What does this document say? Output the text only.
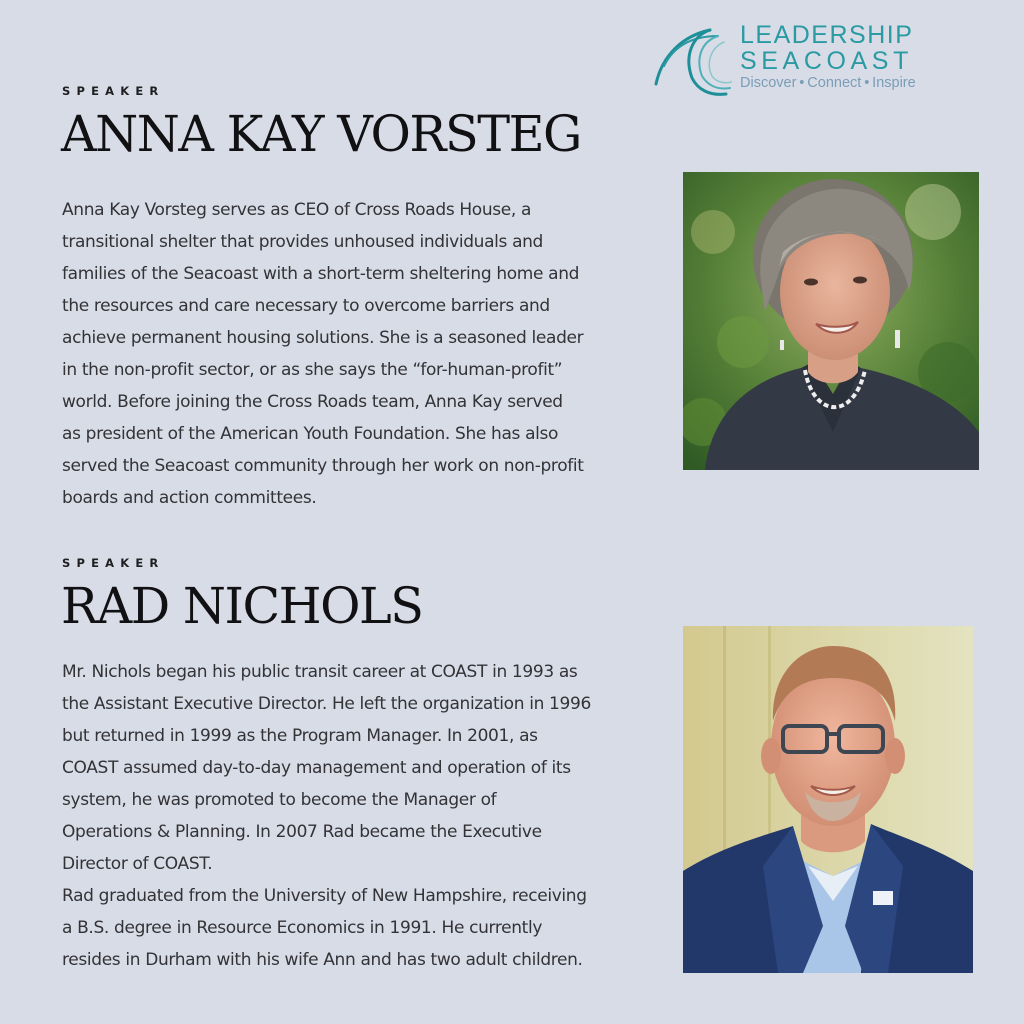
LEADERSHIP
SEACOAST
Discover • Connect • Inspire
SPEAKER
ANNA KAY VORSTEG

Anna Kay Vorsteg serves as CEO of Cross Roads House, a
transitional shelter that provides unhoused individuals and
families of the Seacoast with a short-term sheltering home and
the resources and care necessary to overcome barriers and
achieve permanent housing solutions. She is a seasoned leader
in the non-profit sector, or as she says the “for-human-profit”
world. Before joining the Cross Roads team, Anna Kay served
as president of the American Youth Foundation. She has also
served the Seacoast community through her work on non-profit
boards and action committees.

SPEAKER
RAD NICHOLS

Mr. Nichols began his public transit career at COAST in 1993 as
the Assistant Executive Director. He left the organization in 1996
but returned in 1999 as the Program Manager. In 2001, as
COAST assumed day-to-day management and operation of its
system, he was promoted to become the Manager of
Operations & Planning. In 2007 Rad became the Executive
Director of COAST.
Rad graduated from the University of New Hampshire, receiving
a B.S. degree in Resource Economics in 1991. He currently
resides in Durham with his wife Ann and has two adult children.
